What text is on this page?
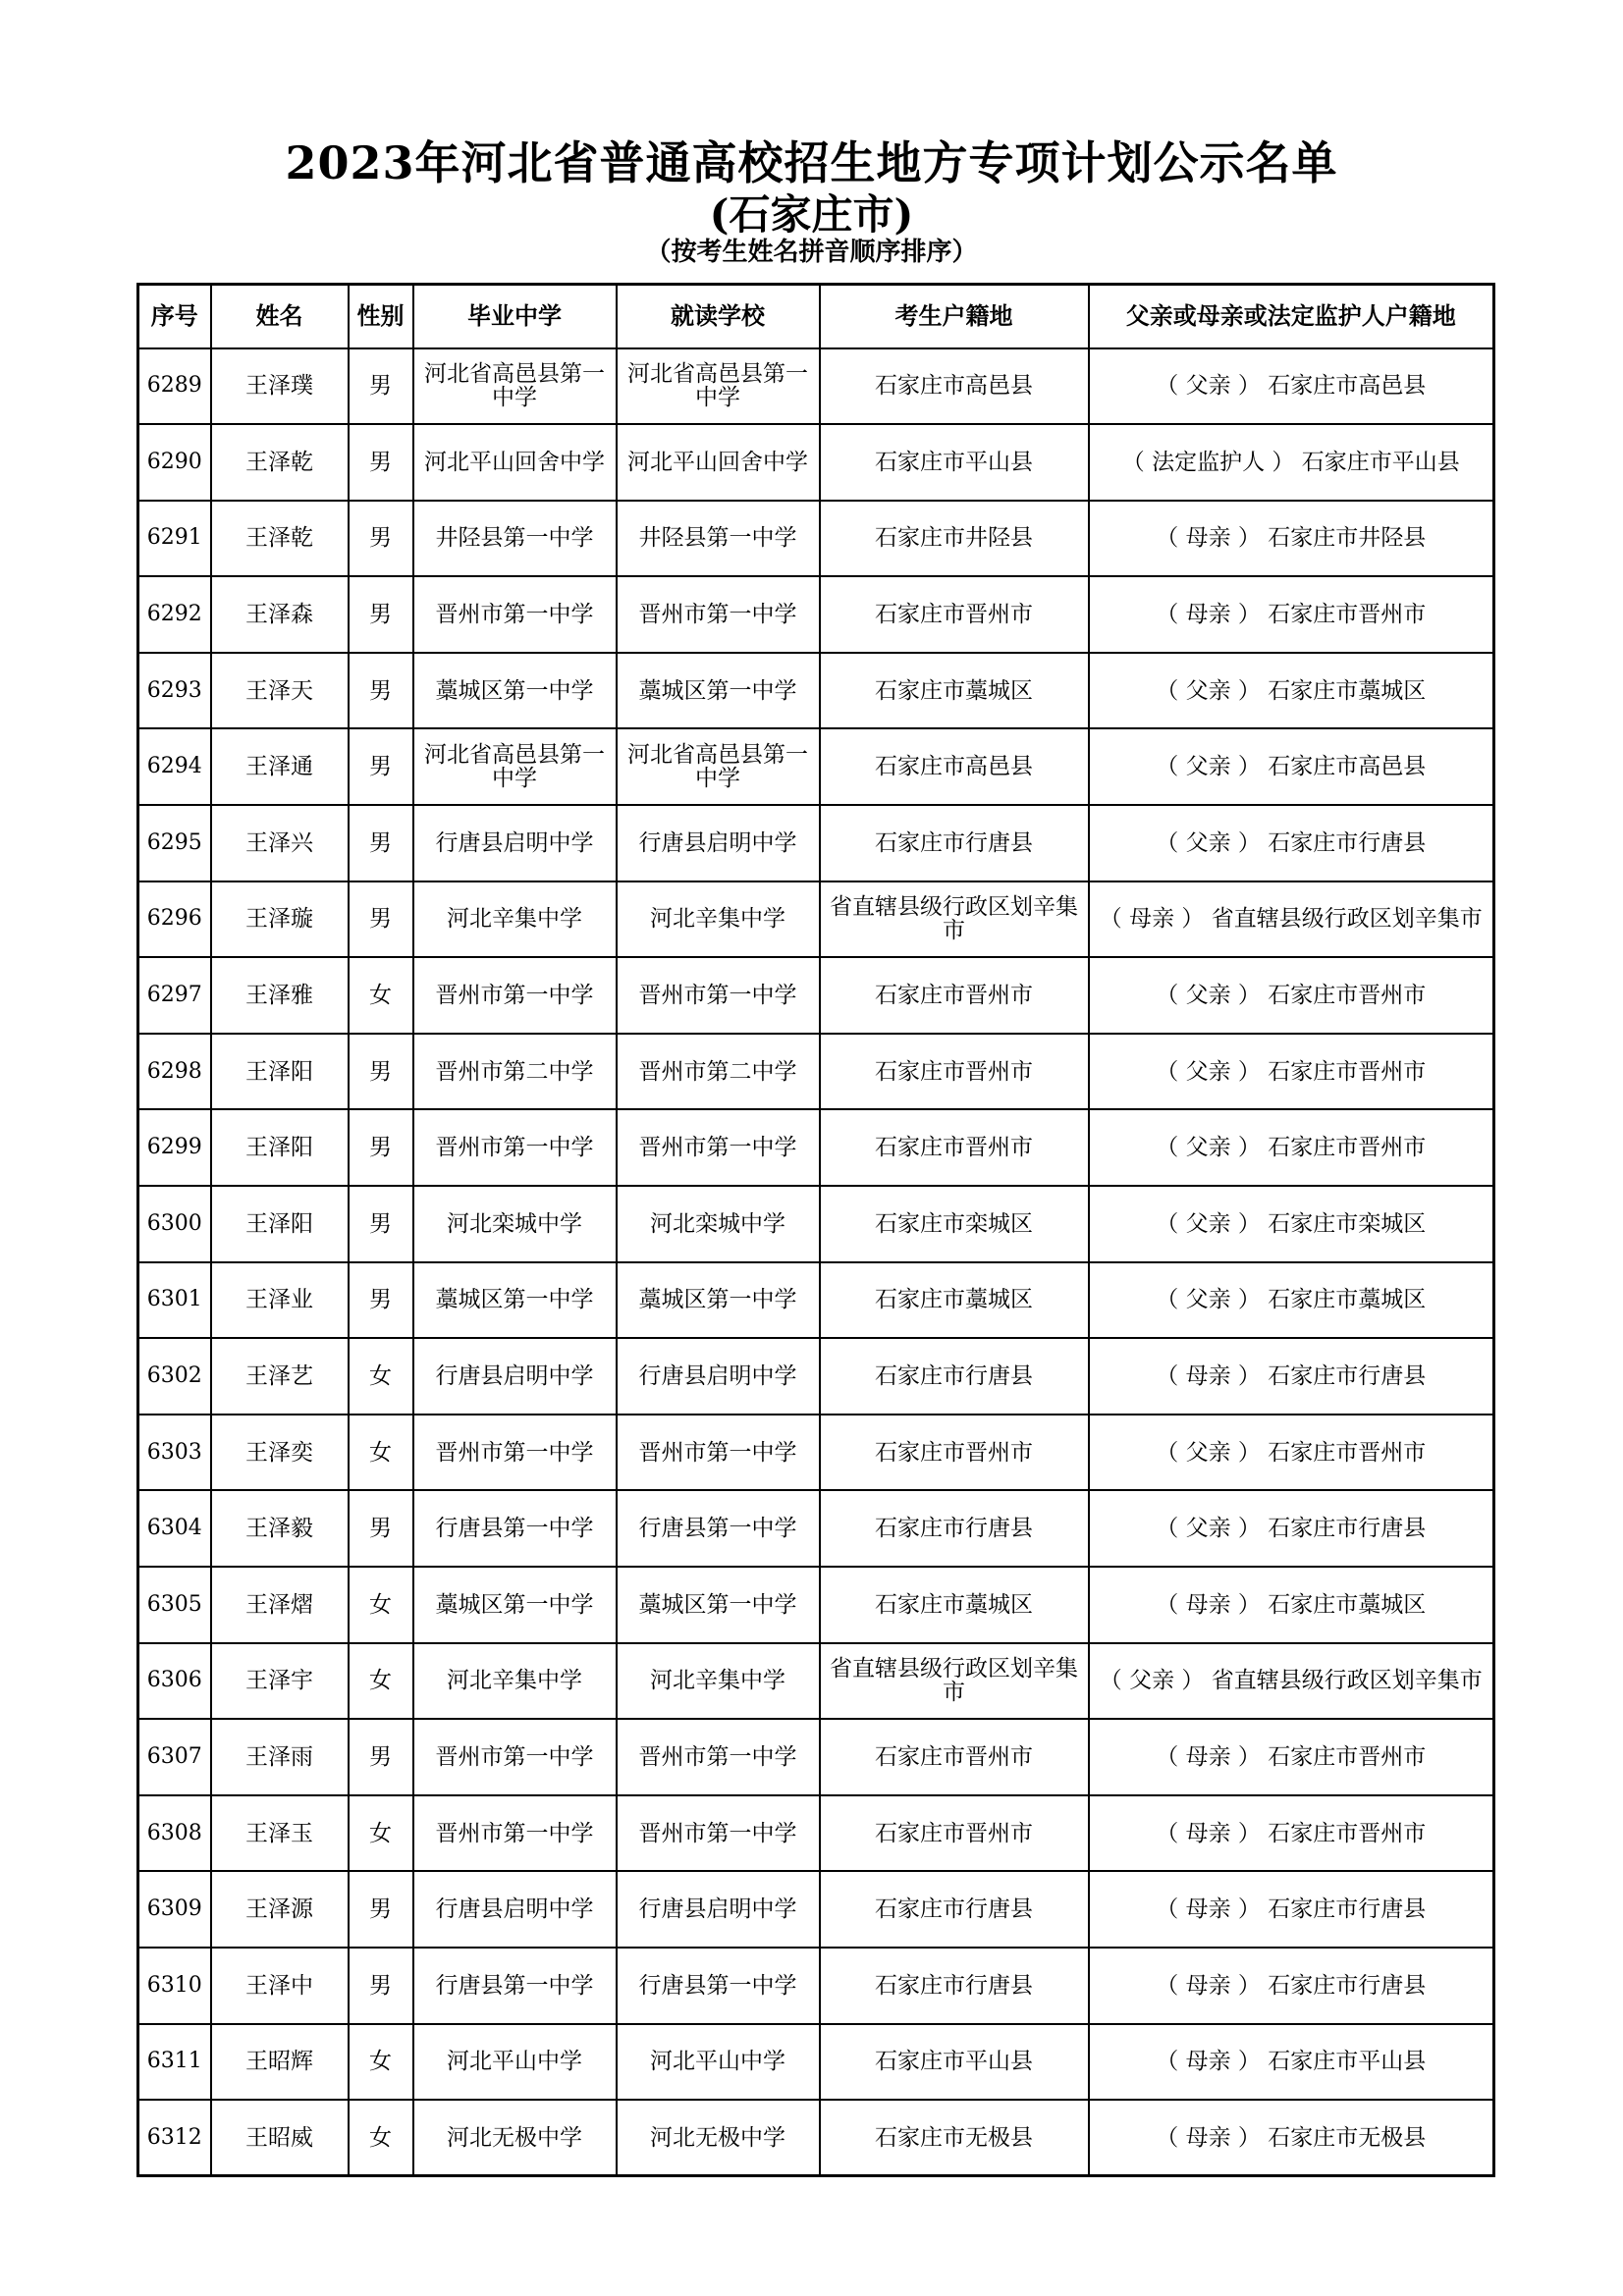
2023年河北省普通高校招生地方专项计划公示名单
(石家庄市)
（按考生姓名拼音顺序排序）
序号	姓名	性别	毕业中学	就读学校	考生户籍地	父亲或母亲或法定监护人户籍地
6289	王泽璞	男	河北省高邑县第一中学	河北省高邑县第一中学	石家庄市高邑县	（ 父亲 ） 石家庄市高邑县
6290	王泽乾	男	河北平山回舍中学	河北平山回舍中学	石家庄市平山县	（ 法定监护人 ） 石家庄市平山县
6291	王泽乾	男	井陉县第一中学	井陉县第一中学	石家庄市井陉县	（ 母亲 ） 石家庄市井陉县
6292	王泽森	男	晋州市第一中学	晋州市第一中学	石家庄市晋州市	（ 母亲 ） 石家庄市晋州市
6293	王泽天	男	藁城区第一中学	藁城区第一中学	石家庄市藁城区	（ 父亲 ） 石家庄市藁城区
6294	王泽通	男	河北省高邑县第一中学	河北省高邑县第一中学	石家庄市高邑县	（ 父亲 ） 石家庄市高邑县
6295	王泽兴	男	行唐县启明中学	行唐县启明中学	石家庄市行唐县	（ 父亲 ） 石家庄市行唐县
6296	王泽璇	男	河北辛集中学	河北辛集中学	省直辖县级行政区划辛集市	（ 母亲 ） 省直辖县级行政区划辛集市
6297	王泽雅	女	晋州市第一中学	晋州市第一中学	石家庄市晋州市	（ 父亲 ） 石家庄市晋州市
6298	王泽阳	男	晋州市第二中学	晋州市第二中学	石家庄市晋州市	（ 父亲 ） 石家庄市晋州市
6299	王泽阳	男	晋州市第一中学	晋州市第一中学	石家庄市晋州市	（ 父亲 ） 石家庄市晋州市
6300	王泽阳	男	河北栾城中学	河北栾城中学	石家庄市栾城区	（ 父亲 ） 石家庄市栾城区
6301	王泽业	男	藁城区第一中学	藁城区第一中学	石家庄市藁城区	（ 父亲 ） 石家庄市藁城区
6302	王泽艺	女	行唐县启明中学	行唐县启明中学	石家庄市行唐县	（ 母亲 ） 石家庄市行唐县
6303	王泽奕	女	晋州市第一中学	晋州市第一中学	石家庄市晋州市	（ 父亲 ） 石家庄市晋州市
6304	王泽毅	男	行唐县第一中学	行唐县第一中学	石家庄市行唐县	（ 父亲 ） 石家庄市行唐县
6305	王泽熠	女	藁城区第一中学	藁城区第一中学	石家庄市藁城区	（ 母亲 ） 石家庄市藁城区
6306	王泽宇	女	河北辛集中学	河北辛集中学	省直辖县级行政区划辛集市	（ 父亲 ） 省直辖县级行政区划辛集市
6307	王泽雨	男	晋州市第一中学	晋州市第一中学	石家庄市晋州市	（ 母亲 ） 石家庄市晋州市
6308	王泽玉	女	晋州市第一中学	晋州市第一中学	石家庄市晋州市	（ 母亲 ） 石家庄市晋州市
6309	王泽源	男	行唐县启明中学	行唐县启明中学	石家庄市行唐县	（ 母亲 ） 石家庄市行唐县
6310	王泽中	男	行唐县第一中学	行唐县第一中学	石家庄市行唐县	（ 母亲 ） 石家庄市行唐县
6311	王昭辉	女	河北平山中学	河北平山中学	石家庄市平山县	（ 母亲 ） 石家庄市平山县
6312	王昭威	女	河北无极中学	河北无极中学	石家庄市无极县	（ 母亲 ） 石家庄市无极县
